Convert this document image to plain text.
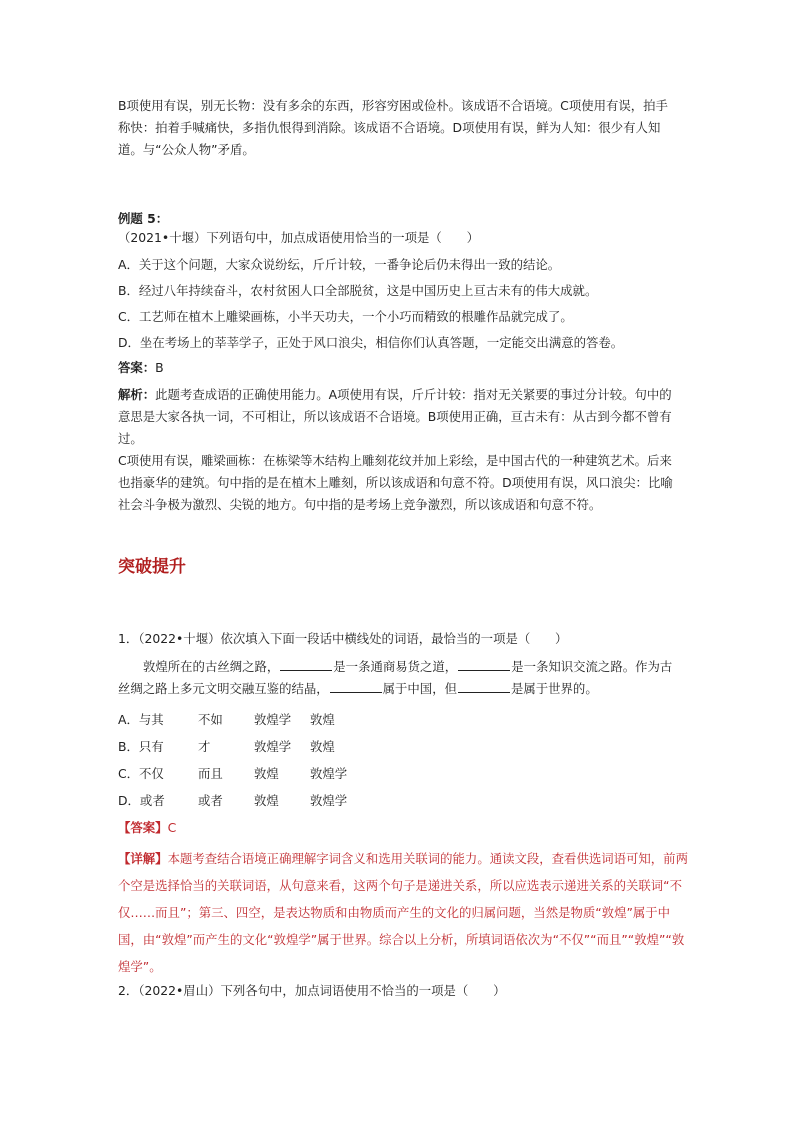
B项使用有误，别无长物：没有多余的东西，形容穷困或俭朴。该成语不合语境。C项使用有误，拍手称快：拍着手喊痛快，多指仇恨得到消除。该成语不合语境。D项使用有误，鲜为人知：很少有人知道。与“公众人物”矛盾。

例题 5：

（2021•十堰）下列语句中，加点成语使用恰当的一项是（　　）

A．关于这个问题，大家众说纷纭，斤斤计较，一番争论后仍未得出一致的结论。

B．经过八年持续奋斗，农村贫困人口全部脱贫，这是中国历史上亘古未有的伟大成就。

C．工艺师在植木上雕梁画栋，小半天功夫，一个小巧而精致的根雕作品就完成了。

D．坐在考场上的莘莘学子，正处于风口浪尖，相信你们认真答题，一定能交出满意的答卷。

答案：B

解析：此题考查成语的正确使用能力。A项使用有误，斤斤计较：指对无关紧要的事过分计较。句中的意思是大家各执一词，不可相让，所以该成语不合语境。B项使用正确，亘古未有：从古到今都不曾有过。

C项使用有误，雕梁画栋：在栋梁等木结构上雕刻花纹并加上彩绘，是中国古代的一种建筑艺术。后来也指豪华的建筑。句中指的是在植木上雕刻，所以该成语和句意不符。D项使用有误，风口浪尖：比喻社会斗争极为激烈、尖锐的地方。句中指的是考场上竞争激烈，所以该成语和句意不符。

突破提升

1．（2022•十堰）依次填入下面一段话中横线处的词语，最恰当的一项是（　　）

敦煌所在的古丝绸之路，	是一条通商易货之道，	是一条知识交流之路。作为古丝绸之路上多元文明交融互鉴的结晶，	属于中国，但	是属于世界的。

A．与其	不如	敦煌学 敦煌
B．只有	才	敦煌学 敦煌
C．不仅	而且	敦煌	敦煌学
D．或者	或者	敦煌	敦煌学

【答案】C

【详解】本题考查结合语境正确理解字词含义和选用关联词的能力。通读文段，查看供选词语可知，前两个空是选择恰当的关联词语，从句意来看，这两个句子是递进关系，所以应选表示递进关系的关联词“不仅……而且”；第三、四空，是表达物质和由物质而产生的文化的归属问题，当然是物质“敦煌”属于中国，由“敦煌”而产生的文化“敦煌学”属于世界。综合以上分析，所填词语依次为“不仅”“而且”“敦煌”“敦煌学”。

2．（2022•眉山）下列各句中，加点词语使用不恰当的一项是（　　）
